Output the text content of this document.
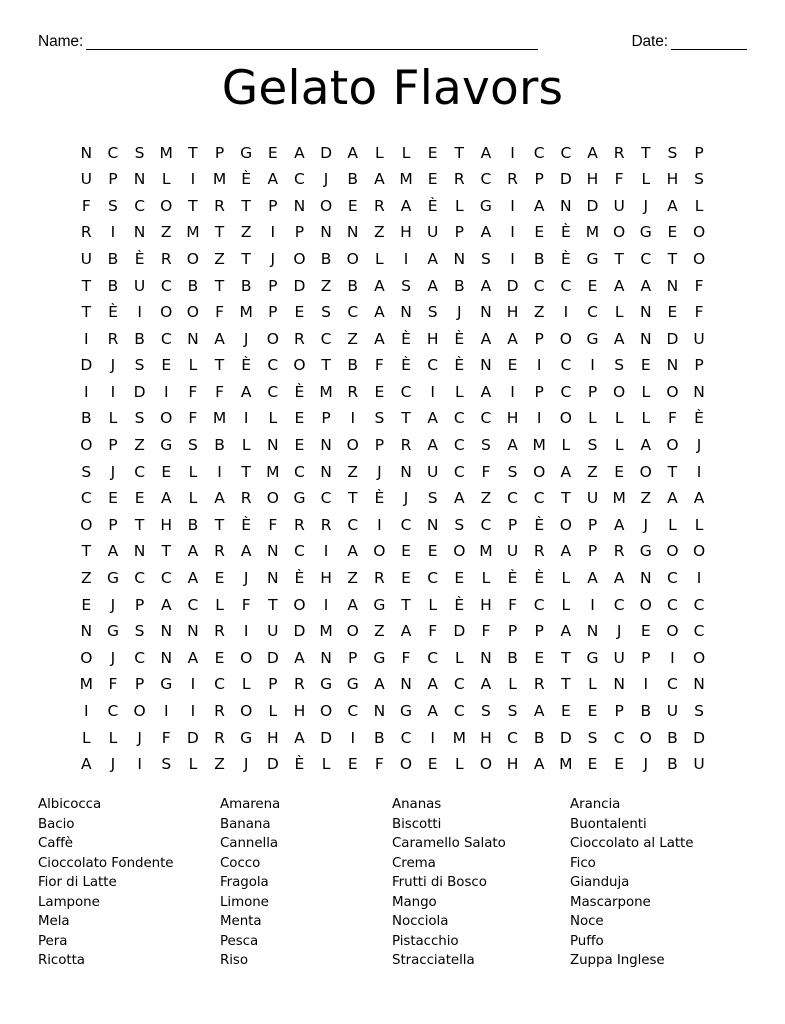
Name:	Date:
Gelato Flavors
N C	S M T	P	G	E	A D A	L	L	E	T	A	I	C	C	A	R	T	S	P
U	P	N	L	I	M È	A	C	J	B	A M E	R	C	R	P	D H	F	L	H	S
F	S	C O	T	R	T	P	N O	E	R	A	È	L	G	I	A	N D U	J	A	L
R	I	N	Z M T	Z	I	P	N N	Z	H U	P	A	I	E	È M O G	E	O
U	B	È	R O Z	T	J	O B O	L	I	A	N	S	I	B	È	G	T	C	T	O
T	B	U	C	B	T	B	P	D Z	B	A	S	A	B	A D C	C	E	A	A	N	F
T	È	I	O O	F M P	E	S	C	A	N	S	J	N H	Z	I	C	L	N	E	F
I	R	B	C N	A	J	O R	C	Z	A	È	H	È	A	A	P	O G A	N D U
D	J	S	E	L	T	È	C O	T	B	F	È	C	È	N	E	I	C	I	S	E	N	P
I	I	D	I	F	F	A	C	È M R	E	C	I	L	A	I	P	C	P	O	L	O N
B	L	S	O	F M	I	L	E	P	I	S	T	A	C	C H	I	O	L	L	L	F	È
O	P	Z G	S	B	L	N	E	N O	P	R	A	C	S	A M	L	S	L	A O	J
S	J	C	E	L	I	T M C N	Z	J	N U	C	F	S	O A	Z	E	O	T	I
C	E	E	A	L	A	R O G C	T	È	J	S	A	Z	C	C	T	U M Z	A	A
O	P	T	H	B	T	È	F	R	R	C	I	C N	S	C	P	È	O	P	A	J	L	L
T	A	N	T	A	R	A	N C	I	A O	E	E	O M U	R	A	P	R G O O
Z G C	C	A	E	J	N	È	H	Z	R	E	C	E	L	È	È	L	A	A	N C	I
E	J	P	A	C	L	F	T	O	I	A G	T	L	È	H	F	C	L	I	C O C	C
N G	S	N N R	I	U D M O Z	A	F	D	F	P	P	A	N	J	E	O C
O	J	C N	A	E	O D A	N	P	G	F	C	L	N	B	E	T	G U	P	I	O
M	F	P	G	I	C	L	P	R G G A	N	A	C	A	L	R	T	L	N	I	C N
I	C O	I	I	R O	L	H O C N G A	C	S	S	A	E	E	P	B	U	S
L	L	J	F	D R G H	A D	I	B	C	I	M H C	B D	S	C O B D
A	J	I	S	L	Z	J	D	È	L	E	F	O	E	L	O H	A M E	E	J	B	U
Albicocca	Amarena	Ananas	Arancia
Bacio	Banana	Biscotti	Buontalenti
Caffè	Cannella	Caramello Salato	Cioccolato al Latte
Cioccolato Fondente	Cocco	Crema	Fico
Fior di Latte	Fragola	Frutti di Bosco	Gianduja
Lampone	Limone	Mango	Mascarpone
Mela	Menta	Nocciola	Noce
Pera	Pesca	Pistacchio	Puffo
Ricotta	Riso	Stracciatella	Zuppa Inglese
